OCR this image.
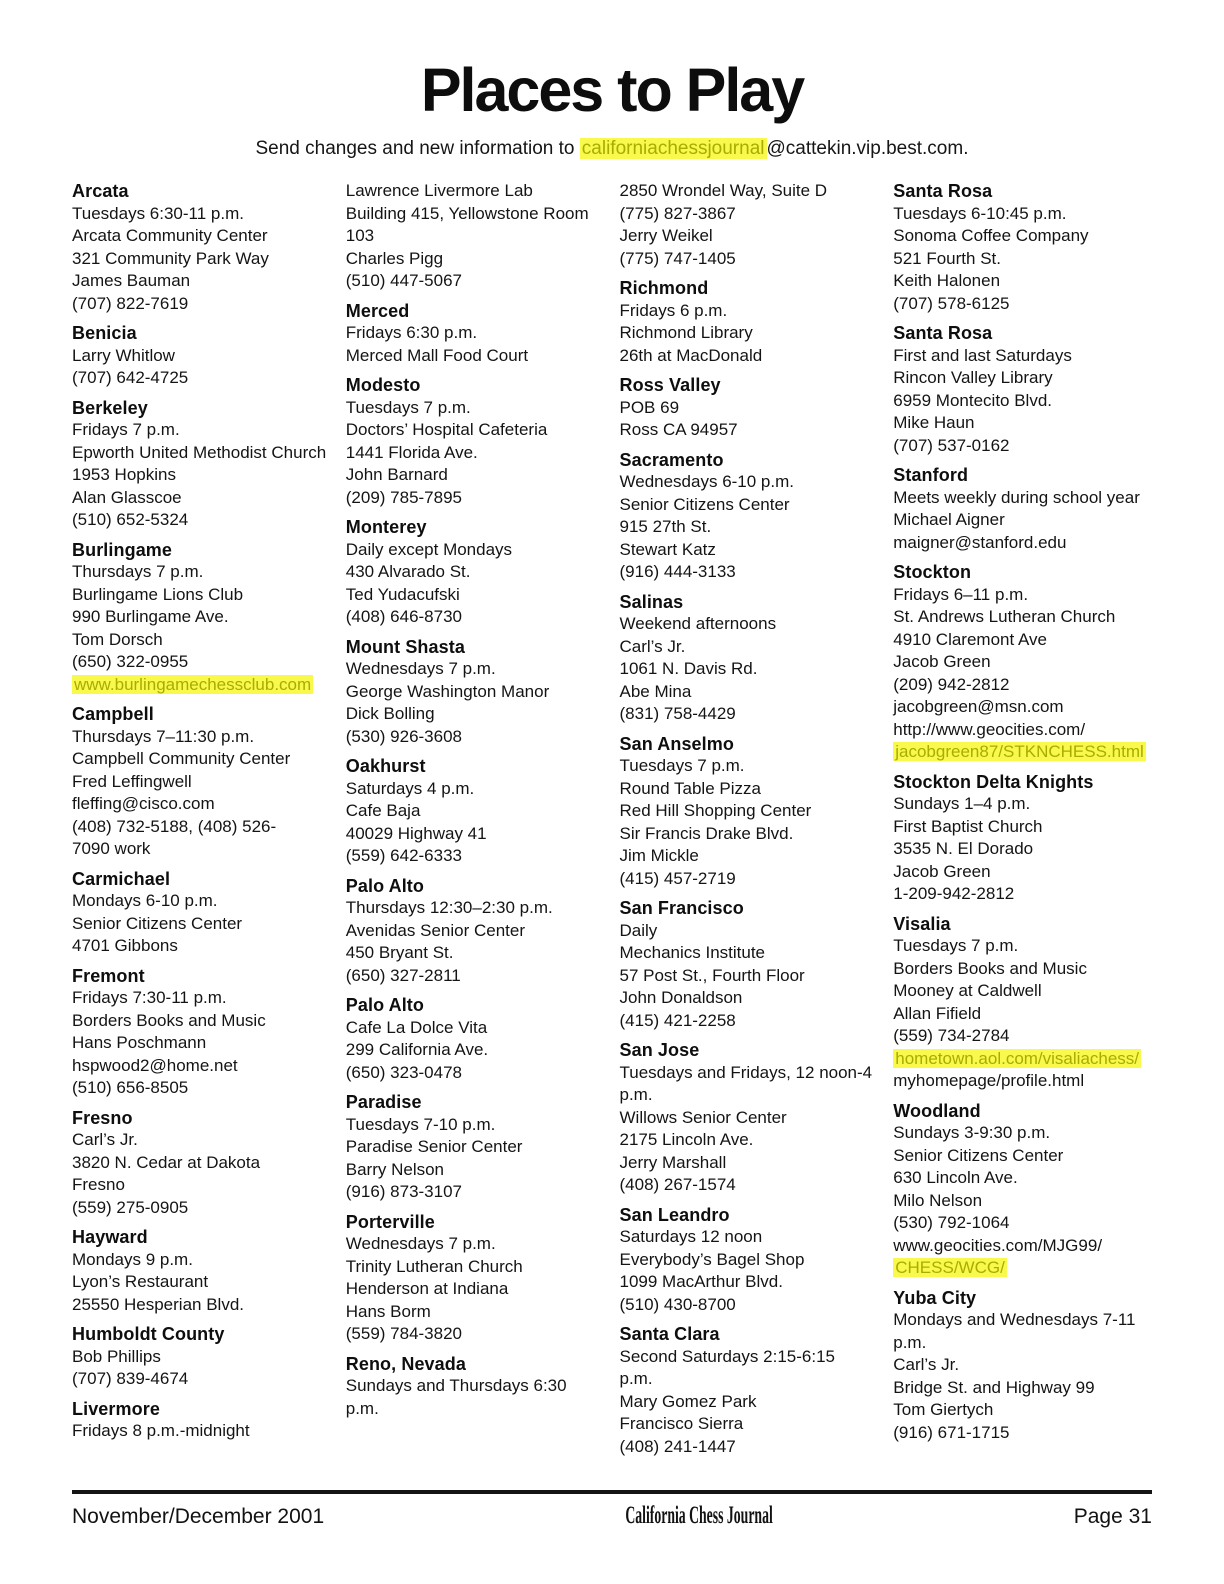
Places to Play

Send changes and new information to californiachessjournal @cattekin.vip.best.com.

Arcata
Tuesdays 6:30-11 p.m.
Arcata Community Center
321 Community Park Way
James Bauman
(707) 822-7619
Benicia
Larry Whitlow
(707) 642-4725
Berkeley
Fridays 7 p.m.
Epworth United Methodist Church
1953 Hopkins
Alan Glasscoe
(510) 652-5324
Burlingame
Thursdays 7 p.m.
Burlingame Lions Club
990 Burlingame Ave.
Tom Dorsch
(650) 322-0955
www.burlingamechessclub.com
Campbell
Thursdays 7–11:30 p.m.
Campbell Community Center
Fred Leffingwell
fleffing@cisco.com
(408) 732-5188, (408) 526-
7090 work
Carmichael
Mondays 6-10 p.m.
Senior Citizens Center
4701 Gibbons
Fremont
Fridays 7:30-11 p.m.
Borders Books and Music
Hans Poschmann
hspwood2@home.net
(510) 656-8505
Fresno
Carl’s Jr.
3820 N. Cedar at Dakota
Fresno
(559) 275-0905
Hayward
Mondays 9 p.m.
Lyon’s Restaurant
25550 Hesperian Blvd.
Humboldt County
Bob Phillips
(707) 839-4674
Livermore
Fridays 8 p.m.-midnight
Lawrence Livermore Lab
Building 415, Yellowstone Room
103
Charles Pigg
(510) 447-5067
Merced
Fridays 6:30 p.m.
Merced Mall Food Court
Modesto
Tuesdays 7 p.m.
Doctors’ Hospital Cafeteria
1441 Florida Ave.
John Barnard
(209) 785-7895
Monterey
Daily except Mondays
430 Alvarado St.
Ted Yudacufski
(408) 646-8730
Mount Shasta
Wednesdays 7 p.m.
George Washington Manor
Dick Bolling
(530) 926-3608
Oakhurst
Saturdays 4 p.m.
Cafe Baja
40029 Highway 41
(559) 642-6333
Palo Alto
Thursdays 12:30–2:30 p.m.
Avenidas Senior Center
450 Bryant St.
(650) 327-2811
Palo Alto
Cafe La Dolce Vita
299 California Ave.
(650) 323-0478
Paradise
Tuesdays 7-10 p.m.
Paradise Senior Center
Barry Nelson
(916) 873-3107
Porterville
Wednesdays 7 p.m.
Trinity Lutheran Church
Henderson at Indiana
Hans Borm
(559) 784-3820
Reno, Nevada
Sundays and Thursdays 6:30
p.m.
2850 Wrondel Way, Suite D
(775) 827-3867
Jerry Weikel
(775) 747-1405
Richmond
Fridays 6 p.m.
Richmond Library
26th at MacDonald
Ross Valley
POB 69
Ross CA 94957
Sacramento
Wednesdays 6-10 p.m.
Senior Citizens Center
915 27th St.
Stewart Katz
(916) 444-3133
Salinas
Weekend afternoons
Carl’s Jr.
1061 N. Davis Rd.
Abe Mina
(831) 758-4429
San Anselmo
Tuesdays 7 p.m.
Round Table Pizza
Red Hill Shopping Center
Sir Francis Drake Blvd.
Jim Mickle
(415) 457-2719
San Francisco
Daily
Mechanics Institute
57 Post St., Fourth Floor
John Donaldson
(415) 421-2258
San Jose
Tuesdays and Fridays, 12 noon-4
p.m.
Willows Senior Center
2175 Lincoln Ave.
Jerry Marshall
(408) 267-1574
San Leandro
Saturdays 12 noon
Everybody’s Bagel Shop
1099 MacArthur Blvd.
(510) 430-8700
Santa Clara
Second Saturdays 2:15-6:15
p.m.
Mary Gomez Park
Francisco Sierra
(408) 241-1447
Santa Rosa
Tuesdays 6-10:45 p.m.
Sonoma Coffee Company
521 Fourth St.
Keith Halonen
(707) 578-6125
Santa Rosa
First and last Saturdays
Rincon Valley Library
6959 Montecito Blvd.
Mike Haun
(707) 537-0162
Stanford
Meets weekly during school year
Michael Aigner
maigner@stanford.edu
Stockton
Fridays 6–11 p.m.
St. Andrews Lutheran Church
4910 Claremont Ave
Jacob Green
(209) 942-2812
jacobgreen@msn.com
http://www.geocities.com/
jacobgreen87/STKNCHESS.html
Stockton Delta Knights
Sundays 1–4 p.m.
First Baptist Church
3535 N. El Dorado
Jacob Green
1-209-942-2812
Visalia
Tuesdays 7 p.m.
Borders Books and Music
Mooney at Caldwell
Allan Fifield
(559) 734-2784
hometown.aol.com/visaliachess/
myhomepage/profile.html
Woodland
Sundays 3-9:30 p.m.
Senior Citizens Center
630 Lincoln Ave.
Milo Nelson
(530) 792-1064
www.geocities.com/MJG99/
CHESS/WCG/
Yuba City
Mondays and Wednesdays 7-11
p.m.
Carl’s Jr.
Bridge St. and Highway 99
Tom Giertych
(916) 671-1715
November/December 2001	California Chess Journal	Page 31
